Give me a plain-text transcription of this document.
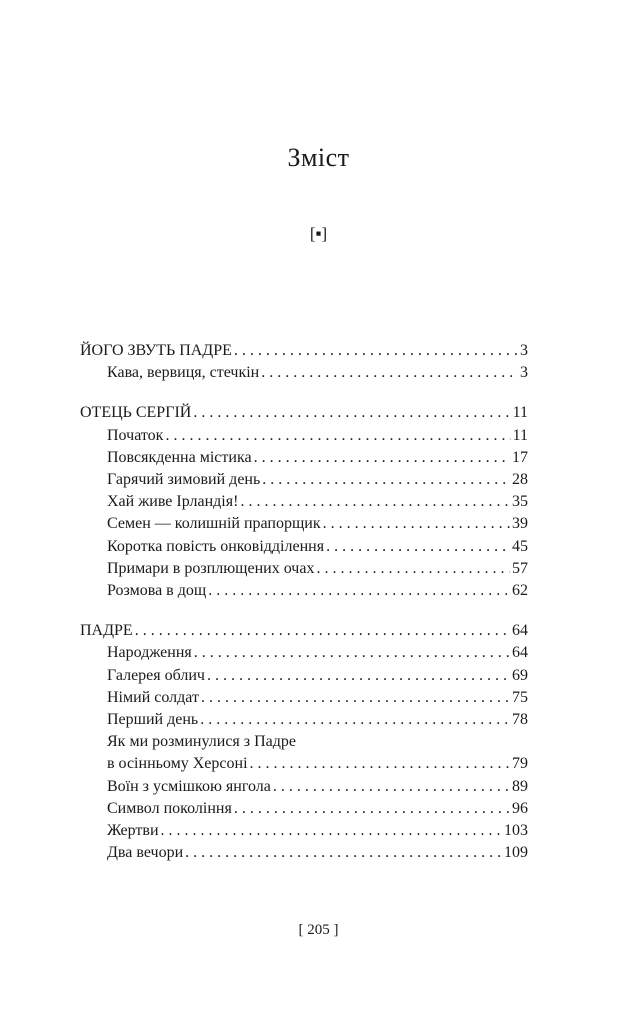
Зміст
[▪]
ЙОГО ЗВУТЬ ПАДРЕ . . .	3
Кава, вервиця, стечкін . . .	3
ОТЕЦЬ СЕРГІЙ . . .	11
Початок . . .	11
Повсякденна містика . . .	17
Гарячий зимовий день . . .	28
Хай живе Ірландія! . . .	35
Семен — колишній прапорщик . . .	39
Коротка повість онковідділення . . .	45
Примари в розплющених очах . . .	57
Розмова в дощ . . .	62
ПАДРЕ . . .	64
Народження . . .	64
Галерея облич . . .	69
Німий солдат . . .	75
Перший день . . .	78
Як ми розминулися з Падре
в осінньому Херсоні . . .	79
Воїн з усмішкою янгола . . .	89
Символ покоління . . .	96
Жертви . . .	103
Два вечори . . .	109
[ 205 ]
